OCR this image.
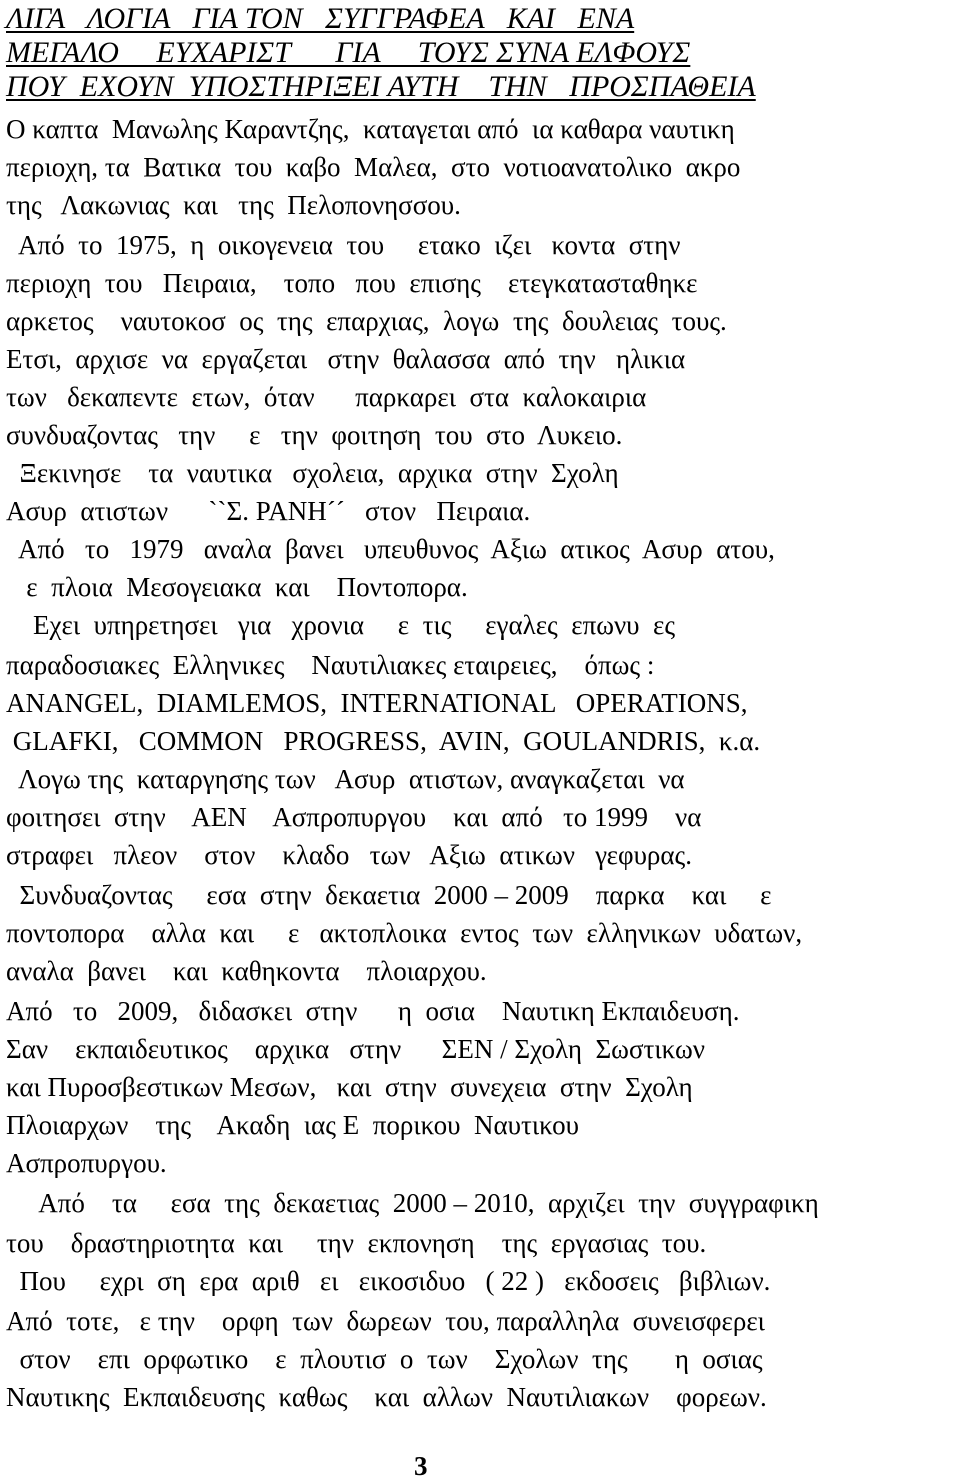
ΛΙΓΑ   ΛΟΓΙΑ   ΓΙΑ ΤΟΝ   ΣΥΓΓΡΑΦΕΑ   ΚΑΙ   ΕΝΑ
ΜΕΓΑΛΟ     ΕΥΧΑΡΙΣΤ      ΓΙΑ     ΤΟΥΣ ΣΥΝΑ ΕΛΦΟΥΣ
ΠΟΥ  ΕΧΟΥΝ  ΥΠΟΣΤΗΡΙΞΕΙ ΑΥΤΗ    ΤΗΝ   ΠΡΟΣΠΑΘΕΙΑ
Ο καπτα  Μανωλης Καραντζης,  καταγεται από  ια καθαρα ναυτικη
περιοχη, τα  Βατικα  του  καβο  Μαλεα,  στο  νοτιοανατολικο  ακρο
της   Λακωνιας  και   της  Πελοπονησσου.
Από  το  1975,  η  οικογενεια  του     ετακο  ιζει   κοντα  στην
περιοχη  του   Πειραια,    τοπο   που  επισης    ετεγκατασταθηκε
αρκετος    ναυτοκοσ  ος  της  επαρχιας,  λογω  της  δουλειας  τους.
Ετσι,  αρχισε  να  εργαζεται   στην  θαλασσα  από  την   ηλικια
των   δεκαπεντε  ετων,  όταν      παρκαρει  στα  καλοκαιρια
συνδυαζοντας   την     ε   την  φοιτηση  του  στο  Λυκειο.
Ξεκινησε    τα  ναυτικα   σχολεια,  αρχικα  στην  Σχολη
Ασυρ  ατιστων      ``Σ. ΡΑΝΗ´´   στον   Πειραια.
Από   το   1979   αναλα  βανει   υπευθυνος  Αξιω  ατικος  Ασυρ  ατου,
ε  πλοια  Μεσογειακα  και    Ποντοπορα.
Εχει  υπηρετησει   για   χρονια     ε  τις     εγαλες  επωνυ  ες
παραδοσιακες  Ελληνικες    Ναυτιλιακες εταιρειες,    όπως :
ANANGEL,  DIAMLEMOS,  INTERNATIONAL   OPERATIONS,
GLAFKI,   COMMON   PROGRESS,  AVIN,  GOULANDRIS,  κ.α.
Λογω της  καταργησης των   Ασυρ  ατιστων, αναγκαζεται  να
φοιτησει  στην    ΑΕΝ    Ασπροπυργου    και  από   το 1999    να
στραφει   πλεον    στον    κλαδο   των   Αξιω  ατικων   γεφυρας.
Συνδυαζοντας     εσα  στην  δεκαετια  2000 – 2009    παρκα    και     ε
ποντοπορα    αλλα  και     ε   ακτοπλοικα  εντος  των  ελληνικων  υδατων,
αναλα  βανει    και  καθηκοντα    πλοιαρχου.
Από   το   2009,   διδασκει  στην      η  οσια    Ναυτικη Εκπαιδευση.
Σαν    εκπαιδευτικος    αρχικα   στην      ΣΕΝ / Σχολη  Σωστικων
και Πυροσβεστικων Μεσων,   και  στην  συνεχεια  στην  Σχολη
Πλοιαρχων    της    Ακαδη  ιας Ε  πορικου  Ναυτικου
Ασπροπυργου.
Από    τα     εσα  της  δεκαετιας  2000 – 2010,  αρχιζει  την  συγγραφικη
του    δραστηριοτητα  και     την  εκπονηση    της  εργασιας  του.
Που     εχρι  ση  ερα  αριθ   ει   εικοσιδυο   ( 22 )   εκδοσεις   βιβλιων.
Από  τοτε,   ε την    ορφη  των  δωρεων  του, παραλληλα  συνεισφερει
στον    επι  ορφωτικο    ε  πλουτισ  ο  των    Σχολων  της       η  οσιας
Ναυτικης  Εκπαιδευσης  καθως    και  αλλων  Ναυτιλιακων    φορεων.
3
